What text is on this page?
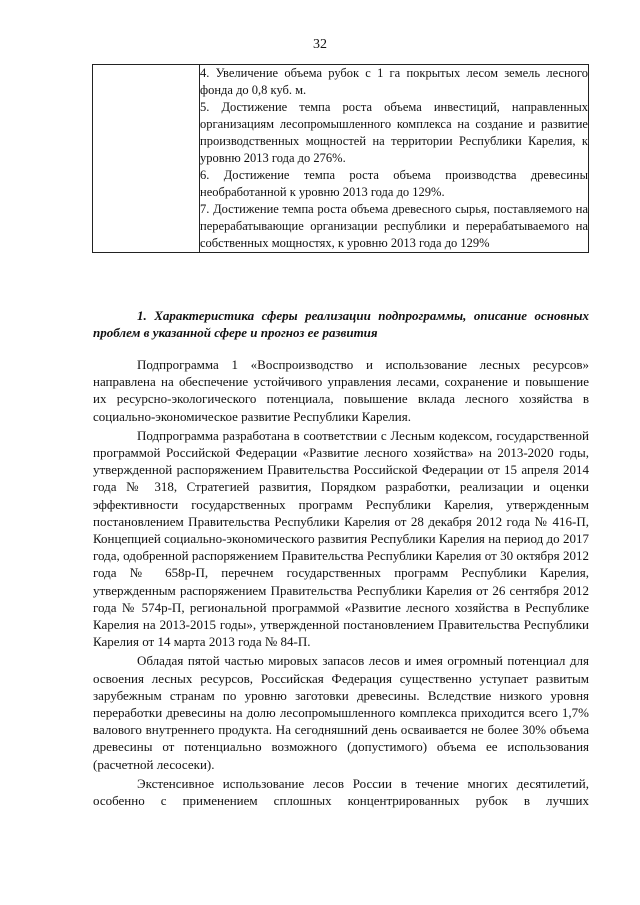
32

4. Увеличение объема рубок с 1 га покрытых лесом земель лесного фонда до 0,8 куб. м.

5. Достижение темпа роста объема инвестиций, направленных организациям лесопромышленного комплекса на создание и развитие производственных мощностей на территории Республики Карелия, к уровню 2013 года до 276%.

6. Достижение темпа роста объема производства древесины необработанной к уровню 2013 года до 129%.

7. Достижение темпа роста объема древесного сырья, поставляемого на перерабатывающие организации республики и перерабатываемого на собственных мощностях, к уровню 2013 года до 129%

1. Характеристика сферы реализации подпрограммы, описание основных проблем в указанной сфере и прогноз ее развития

Подпрограмма 1 «Воспроизводство и использование лесных ресурсов» направлена на обеспечение устойчивого управления лесами, сохранение и повышение их ресурсно-экологического потенциала, повышение вклада лесного хозяйства в социально-экономическое развитие Республики Карелия.

Подпрограмма разработана в соответствии с Лесным кодексом, государственной программой Российской Федерации «Развитие лесного хозяйства» на 2013-2020 годы, утвержденной распоряжением Правительства Российской Федерации от 15 апреля 2014 года № 318, Стратегией развития, Порядком разработки, реализации и оценки эффективности государственных программ Республики Карелия, утвержденным постановлением Правительства Республики Карелия от 28 декабря 2012 года № 416-П, Концепцией социально-экономического развития Республики Карелия на период до 2017 года, одобренной распоряжением Правительства Республики Карелия от 30 октября 2012 года № 658р-П, перечнем государственных программ Республики Карелия, утвержденным распоряжением Правительства Республики Карелия от 26 сентября 2012 года № 574р-П, региональной программой «Развитие лесного хозяйства в Республике Карелия на 2013-2015 годы», утвержденной постановлением Правительства Республики Карелия от 14 марта 2013 года № 84-П.

Обладая пятой частью мировых запасов лесов и имея огромный потенциал для освоения лесных ресурсов, Российская Федерация существенно уступает развитым зарубежным странам по уровню заготовки древесины. Вследствие низкого уровня переработки древесины на долю лесопромышленного комплекса приходится всего 1,7% валового внутреннего продукта. На сегодняшний день осваивается не более 30% объема древесины от потенциально возможного (допустимого) объема ее использования (расчетной лесосеки).

Экстенсивное использование лесов России в течение многих десятилетий, особенно с применением сплошных концентрированных рубок в лучших
